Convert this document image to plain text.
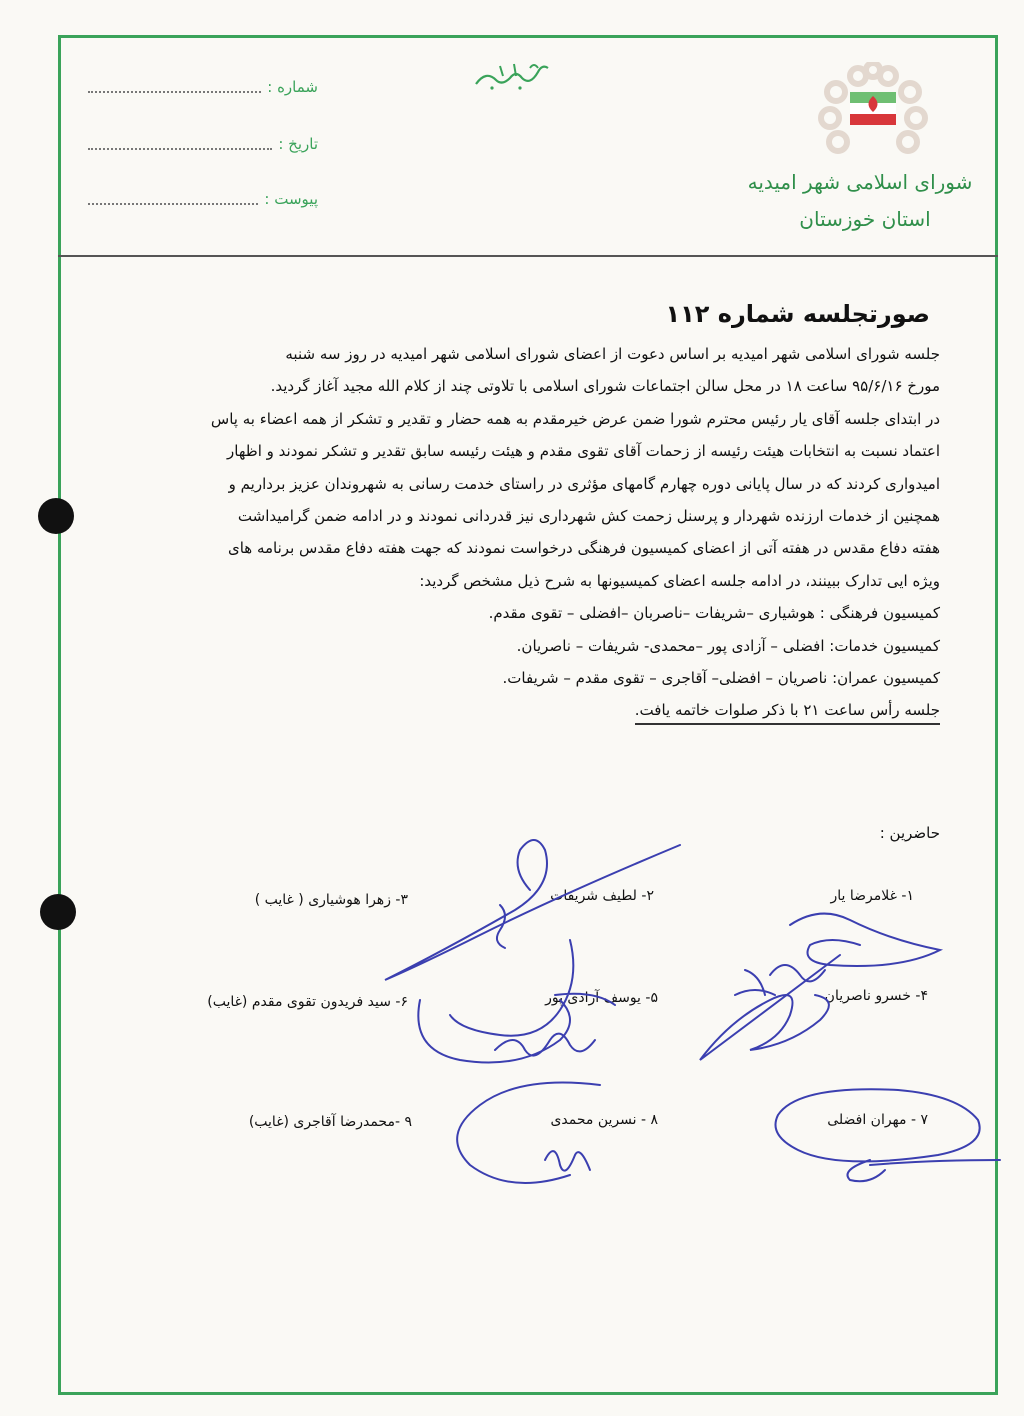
شورای اسلامی شهر امیدیه
استان خوزستان
شماره :
تاریخ :
پیوست :
صورتجلسه شماره ۱۱۲
جلسه شورای اسلامی شهر امیدیه بر اساس دعوت از اعضای شورای اسلامی شهر امیدیه در روز سه شنبه
مورخ ۹۵/۶/۱۶ ساعت ۱۸ در محل سالن اجتماعات شورای اسلامی با تلاوتی چند از کلام الله مجید آغاز گردید.
در ابتدای جلسه آقای یار رئیس محترم شورا ضمن عرض خیرمقدم به همه حضار و تقدیر و تشکر از همه اعضاء به پاس
اعتماد نسبت به انتخابات هیئت رئیسه از زحمات آقای تقوی مقدم و هیئت رئیسه سابق تقدیر و تشکر نمودند و اظهار
امیدواری کردند که در سال پایانی دوره چهارم گامهای مؤثری در راستای خدمت رسانی به شهروندان عزیز برداریم و
همچنین از خدمات ارزنده شهردار و پرسنل زحمت کش شهرداری نیز قدردانی نمودند و در ادامه ضمن گرامیداشت
هفته دفاع مقدس در هفته آتی از اعضای کمیسیون فرهنگی درخواست نمودند که جهت هفته دفاع مقدس برنامه های
ویژه ایی تدارک ببینند، در ادامه جلسه اعضای کمیسیونها به شرح ذیل مشخص گردید:
کمیسیون فرهنگی : هوشیاری –شریفات –ناصربان –افضلی – تقوی مقدم.
کمیسیون خدمات: افضلی – آزادی پور –محمدی- شریفات – ناصریان.
کمیسیون عمران: ناصریان – افضلی– آقاجری – تقوی مقدم – شریفات.
جلسه رأس ساعت ۲۱ با ذکر صلوات خاتمه یافت.
حاضرین :
۱- غلامرضا یار
۲- لطیف شریفات
۳- زهرا هوشیاری ( غایب )
۴- خسرو ناصریان
۵- یوسف آزادی پور
۶- سید فریدون تقوی مقدم (غایب)
۷ - مهران افضلی
۸ - نسرین محمدی
۹ -محمدرضا آقاجری (غایب)
